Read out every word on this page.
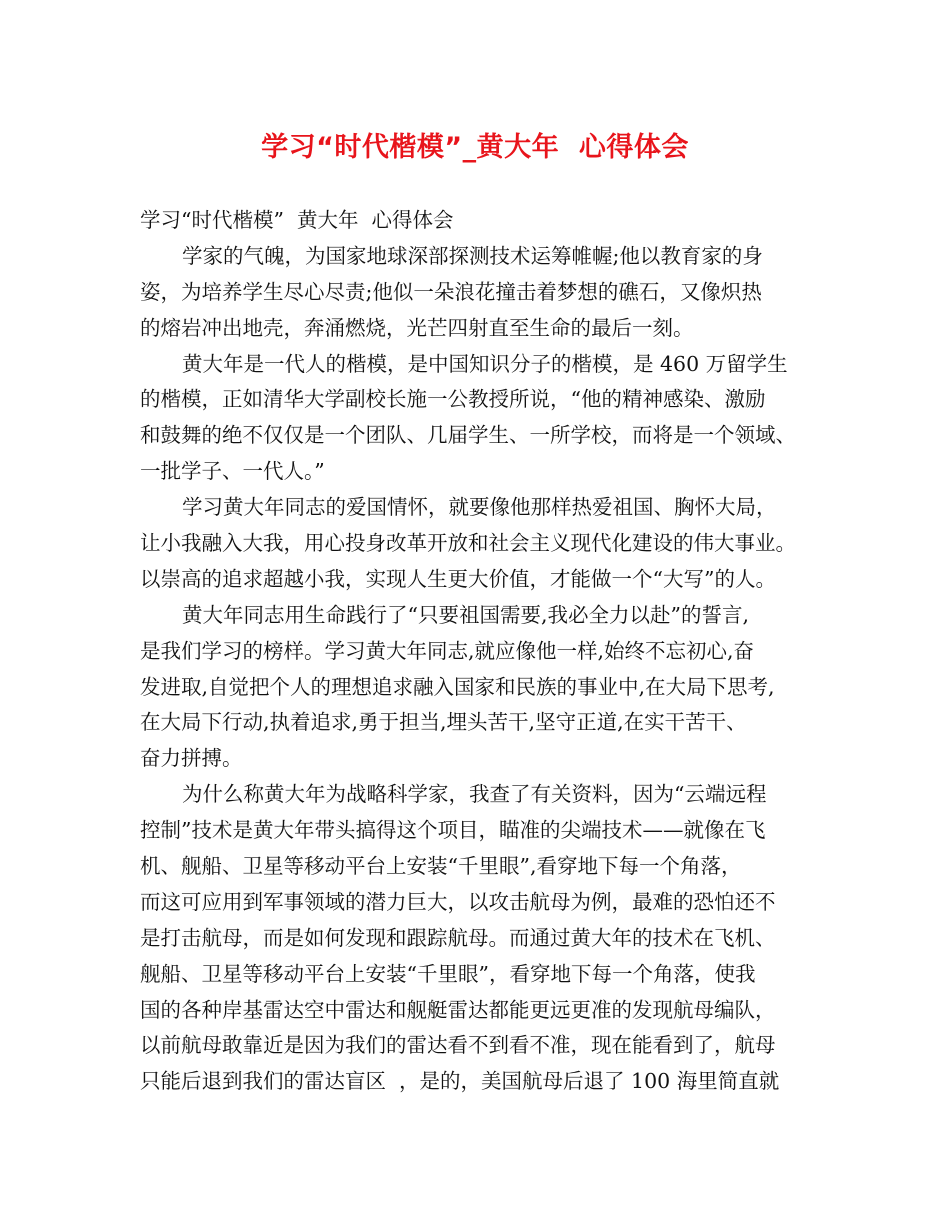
学习“时代楷模”_黄大年  心得体会
学习“时代楷模”  黄大年  心得体会
学家的气魄，为国家地球深部探测技术运筹帷幄;他以教育家的身
姿，为培养学生尽心尽责;他似一朵浪花撞击着梦想的礁石，又像炽热
的熔岩冲出地壳，奔涌燃烧，光芒四射直至生命的最后一刻。
黄大年是一代人的楷模，是中国知识分子的楷模，是 460 万留学生
的楷模，正如清华大学副校长施一公教授所说，“他的精神感染、激励
和鼓舞的绝不仅仅是一个团队、几届学生、一所学校，而将是一个领域、
一批学子、一代人。”
学习黄大年同志的爱国情怀，就要像他那样热爱祖国、胸怀大局，
让小我融入大我，用心投身改革开放和社会主义现代化建设的伟大事业。
以崇高的追求超越小我，实现人生更大价值，才能做一个“大写”的人。
黄大年同志用生命践行了“只要祖国需要,我必全力以赴”的誓言,
是我们学习的榜样。学习黄大年同志,就应像他一样,始终不忘初心,奋
发进取,自觉把个人的理想追求融入国家和民族的事业中,在大局下思考,
在大局下行动,执着追求,勇于担当,埋头苦干,坚守正道,在实干苦干、
奋力拼搏。
为什么称黄大年为战略科学家，我查了有关资料，因为“云端远程
控制”技术是黄大年带头搞得这个项目，瞄准的尖端技术——就像在飞
机、舰船、卫星等移动平台上安装“千里眼”,看穿地下每一个角落，
而这可应用到军事领域的潜力巨大，以攻击航母为例，最难的恐怕还不
是打击航母，而是如何发现和跟踪航母。而通过黄大年的技术在飞机、
舰船、卫星等移动平台上安装“千里眼”，看穿地下每一个角落，使我
国的各种岸基雷达空中雷达和舰艇雷达都能更远更准的发现航母编队，
以前航母敢靠近是因为我们的雷达看不到看不准，现在能看到了，航母
只能后退到我们的雷达盲区  ，是的，美国航母后退了 100 海里简直就
